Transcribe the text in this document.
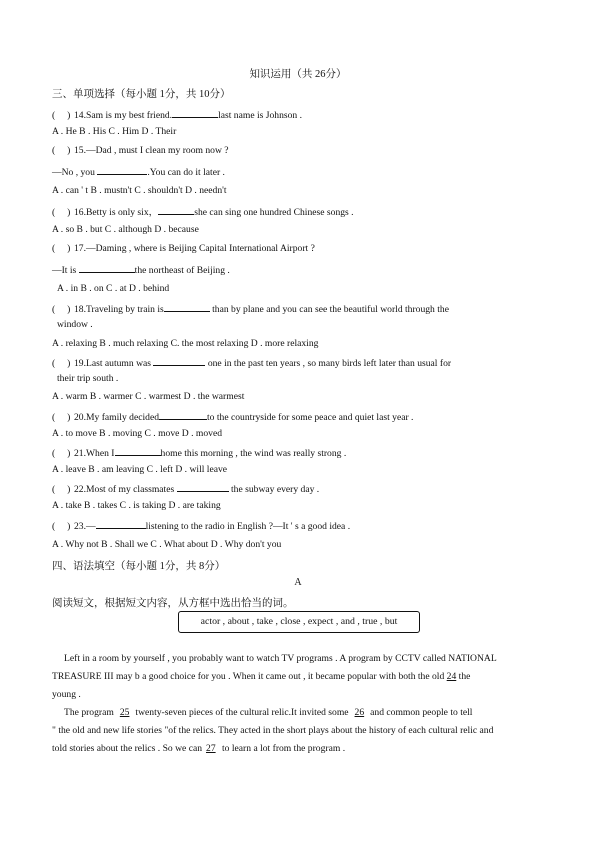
知识运用（共 26分）
三、单项选择（每小题 1分，共 10分）
(     ) 14.Sam is my best friend.	last name is Johnson .
A . He B . His C . Him D . Their
(     ) 15.—Dad , must I clean my room now ?
—No , you	.You can do it later .
A . can ' t B . mustn't C . shouldn't D . needn't
(     ) 16.Betty is only six，	she can sing one hundred Chinese songs .
A . so B . but C . although D . because
(     ) 17.—Daming , where is Beijing Capital International Airport ?
—It is	the northeast of Beijing .
A . in B . on C . at D . behind
(     ) 18.Traveling by train is	than by plane and you can see the beautiful world through the
window .
A . relaxing B . much relaxing C. the most relaxing D . more relaxing
(     ) 19.Last autumn was	one in the past ten years , so many birds left later than usual for
their trip south .
A . warm B . warmer C . warmest D . the warmest
(     ) 20.My family decided	to the countryside for some peace and quiet last year .
A . to move B . moving C . move D . moved
(     ) 21.When I	home this morning , the wind was really strong .
A . leave B . am leaving C . left D . will leave
(     ) 22.Most of my classmates	the subway every day .
A . take B . takes C . is taking D . are taking
(     ) 23.—	listening to the radio in English ?—It ' s a good idea .
A . Why not B . Shall we C . What about D . Why don't you
四、语法填空（每小题 1分，共 8分）
A
阅读短文，根据短文内容，从方框中选出恰当的词。
actor , about , take , close , expect , and , true , but
Left in a room by yourself , you probably want to watch TV programs . A program by CCTV called NATIONAL
TREASURE III may b a good choice for you . When it came out , it became popular with both the old 24 the
young .
The program 25 twenty-seven pieces of the cultural relic.It invited some 26 and common people to tell
" the old and new life stories "of the relics. They acted in the short plays about the history of each cultural relic and
told stories about the relics . So we can 27 to learn a lot from the program .
